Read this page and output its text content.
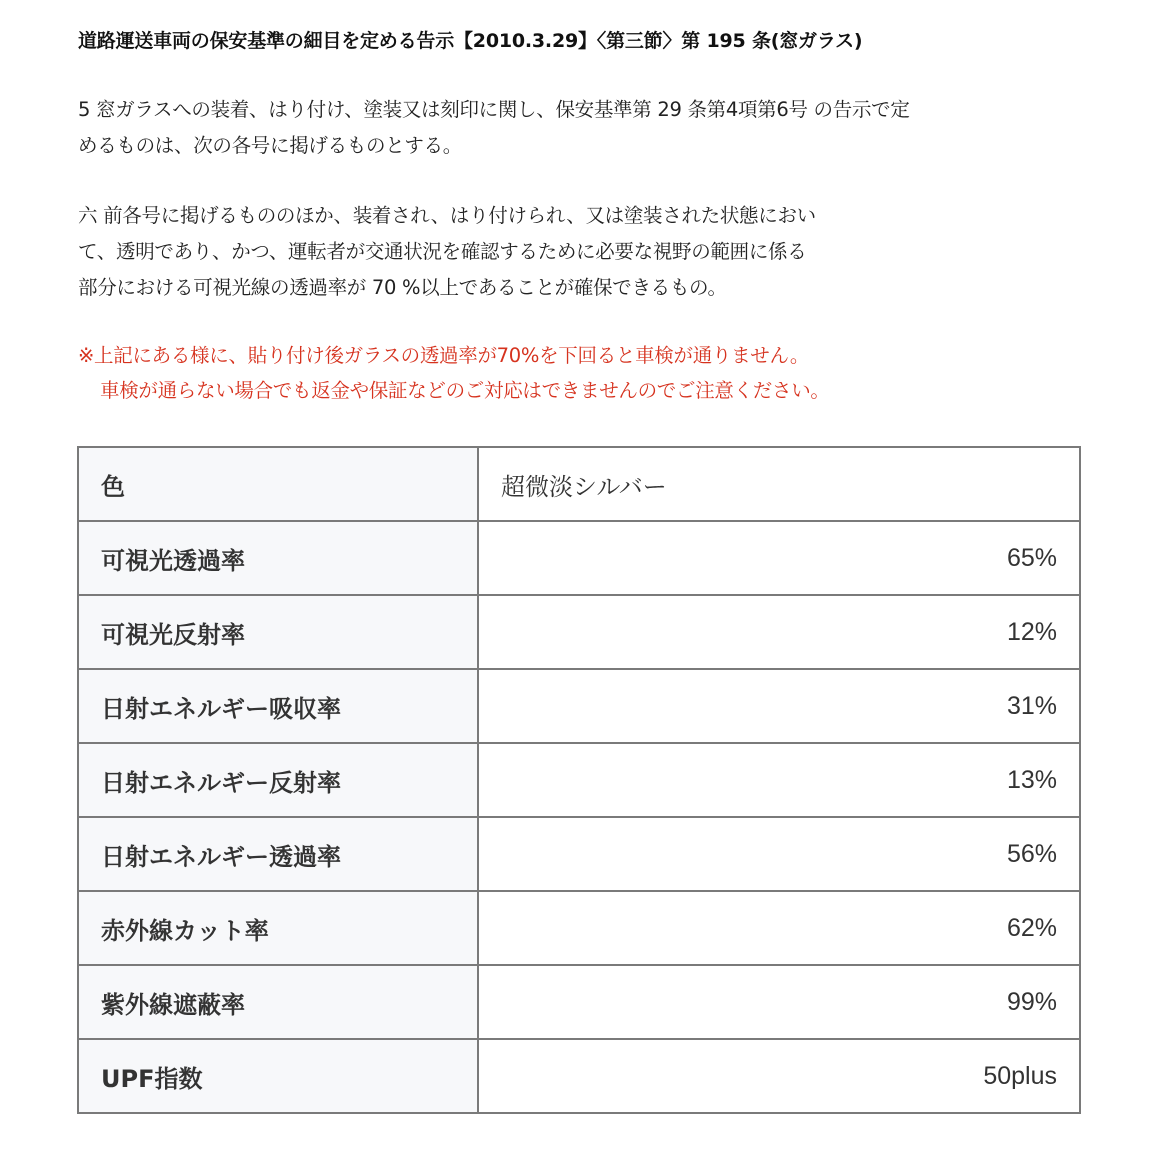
道路運送車両の保安基準の細目を定める告示【2010.3.29】〈第三節〉第 195 条(窓ガラス)

5 窓ガラスへの装着、はり付け、塗装又は刻印に関し、保安基準第 29 条第4項第6号 の告示で定
めるものは、次の各号に掲げるものとする。

六 前各号に掲げるもののほか、装着され、はり付けられ、又は塗装された状態におい
て、透明であり、かつ、運転者が交通状況を確認するために必要な視野の範囲に係る
部分における可視光線の透過率が 70 %以上であることが確保できるもの。

※上記にある様に、貼り付け後ガラスの透過率が70%を下回ると車検が通りません。
車検が通らない場合でも返金や保証などのご対応はできませんのでご注意ください。
色	超微淡シルバー
可視光透過率	65%
可視光反射率	12%
日射エネルギー吸収率	31%
日射エネルギー反射率	13%
日射エネルギー透過率	56%
赤外線カット率	62%
紫外線遮蔽率	99%
UPF指数	50plus
